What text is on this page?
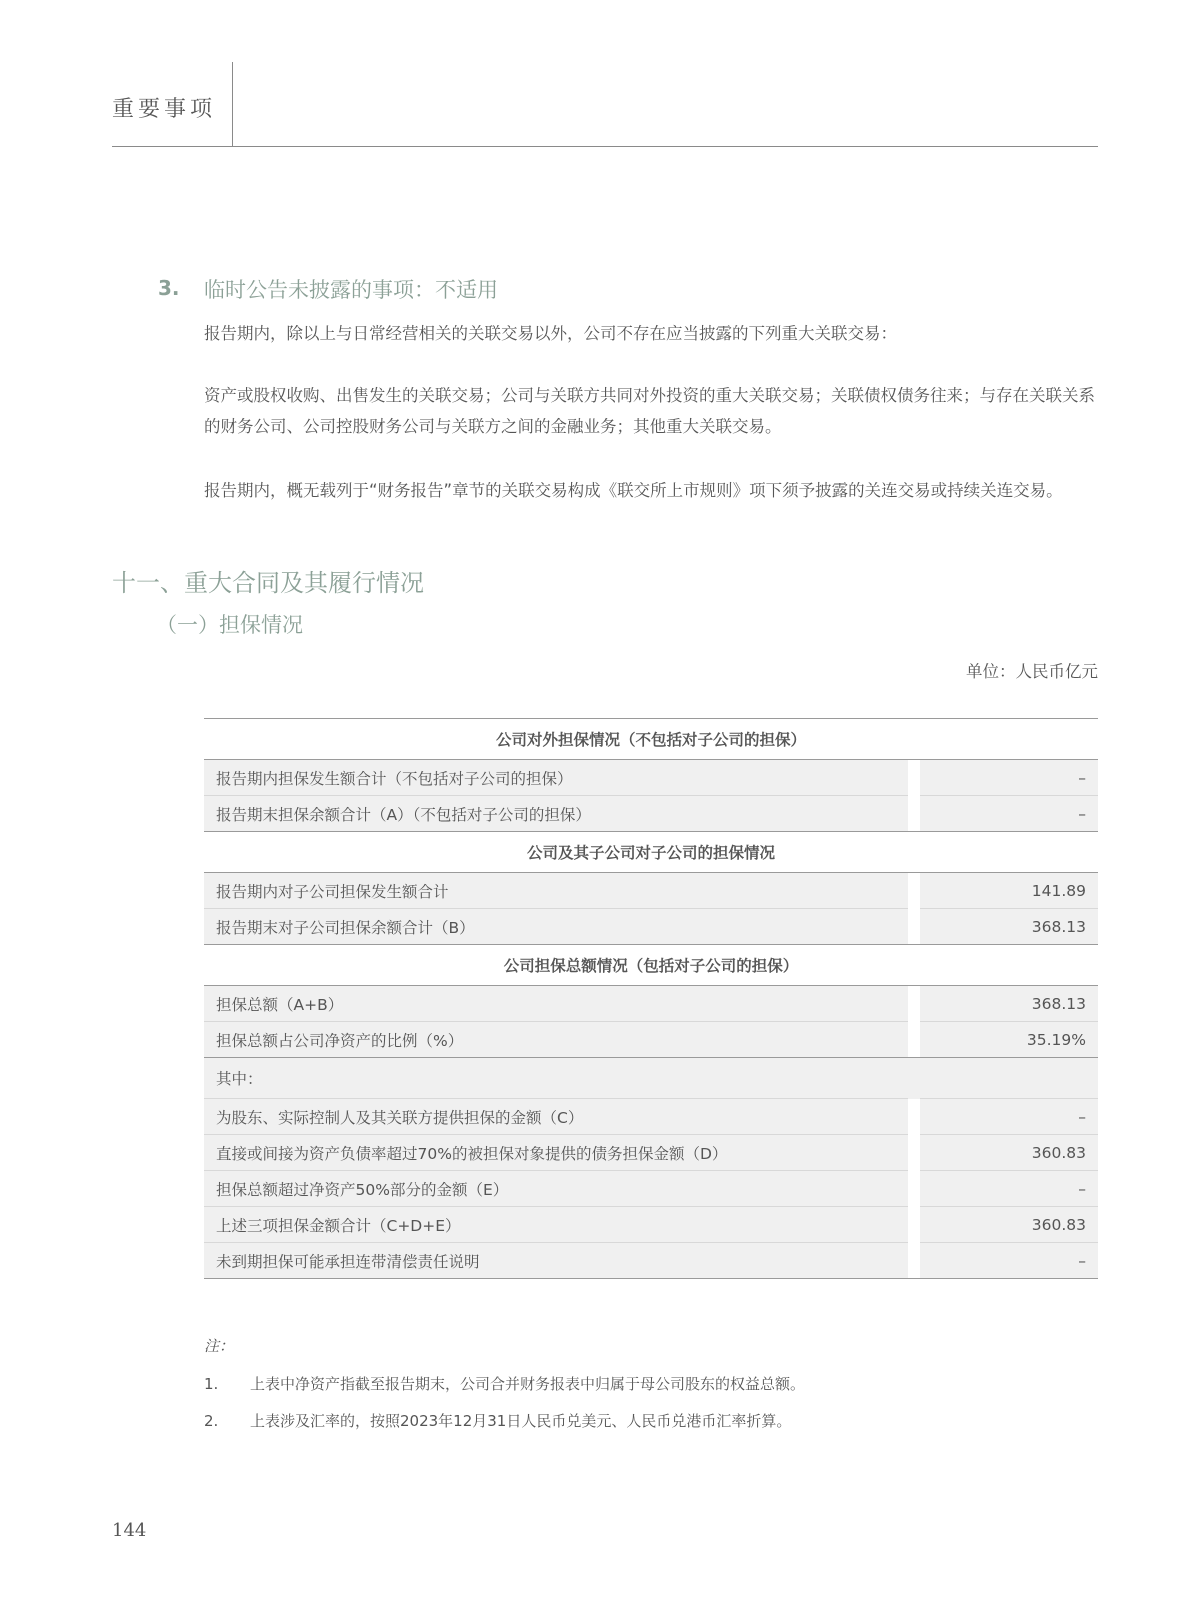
重要事项
3. 临时公告未披露的事项：不适用
报告期内，除以上与日常经营相关的关联交易以外，公司不存在应当披露的下列重大关联交易：
资产或股权收购、出售发生的关联交易；公司与关联方共同对外投资的重大关联交易；关联债权债务往来；与存在关联关系的财务公司、公司控股财务公司与关联方之间的金融业务；其他重大关联交易。
报告期内，概无载列于“财务报告”章节的关联交易构成《联交所上市规则》项下须予披露的关连交易或持续关连交易。
十一、重大合同及其履行情况
（一）担保情况
单位：人民币亿元
公司对外担保情况（不包括对子公司的担保）		
报告期内担保发生额合计（不包括对子公司的担保）		–
报告期末担保余额合计（A）（不包括对子公司的担保）		–
公司及其子公司对子公司的担保情况		
报告期内对子公司担保发生额合计		141.89
报告期末对子公司担保余额合计（B）		368.13
公司担保总额情况（包括对子公司的担保）		
担保总额（A+B）		368.13
担保总额占公司净资产的比例（%）		35.19%
其中：		
为股东、实际控制人及其关联方提供担保的金额（C）		–
直接或间接为资产负债率超过70%的被担保对象提供的债务担保金额（D）		360.83
担保总额超过净资产50%部分的金额（E）		–
上述三项担保金额合计（C+D+E）		360.83
未到期担保可能承担连带清偿责任说明		–
注：
1. 上表中净资产指截至报告期末，公司合并财务报表中归属于母公司股东的权益总额。
2. 上表涉及汇率的，按照2023年12月31日人民币兑美元、人民币兑港币汇率折算。
144
